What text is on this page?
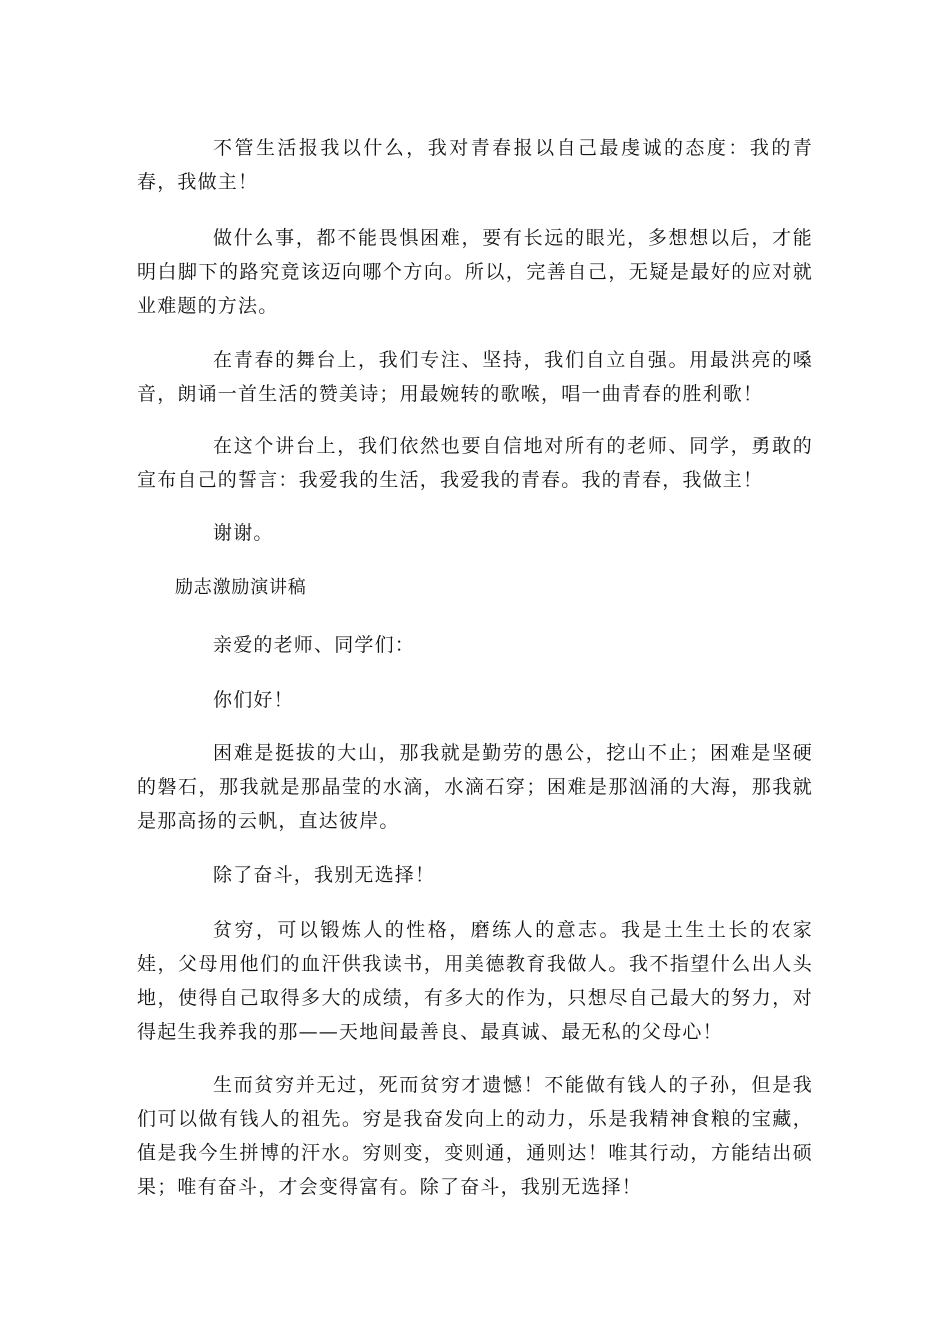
不管生活报我以什么，我对青春报以自己最虔诚的态度：我的青春，我做主！

做什么事，都不能畏惧困难，要有长远的眼光，多想想以后，才能明白脚下的路究竟该迈向哪个方向。所以，完善自己，无疑是最好的应对就业难题的方法。

在青春的舞台上，我们专注、坚持，我们自立自强。用最洪亮的嗓音，朗诵一首生活的赞美诗；用最婉转的歌喉，唱一曲青春的胜利歌！

在这个讲台上，我们依然也要自信地对所有的老师、同学，勇敢的宣布自己的誓言：我爱我的生活，我爱我的青春。我的青春，我做主！

谢谢。

励志激励演讲稿

亲爱的老师、同学们：

你们好！

困难是挺拔的大山，那我就是勤劳的愚公，挖山不止；困难是坚硬的磐石，那我就是那晶莹的水滴，水滴石穿；困难是那汹涌的大海，那我就是那高扬的云帆，直达彼岸。

除了奋斗，我别无选择！

贫穷，可以锻炼人的性格，磨练人的意志。我是土生土长的农家娃，父母用他们的血汗供我读书，用美德教育我做人。我不指望什么出人头地，使得自己取得多大的成绩，有多大的作为，只想尽自己最大的努力，对得起生我养我的那——天地间最善良、最真诚、最无私的父母心！

生而贫穷并无过，死而贫穷才遗憾！不能做有钱人的子孙，但是我们可以做有钱人的祖先。穷是我奋发向上的动力，乐是我精神食粮的宝藏，值是我今生拼博的汗水。穷则变，变则通，通则达！唯其行动，方能结出硕果；唯有奋斗，才会变得富有。除了奋斗，我别无选择！
